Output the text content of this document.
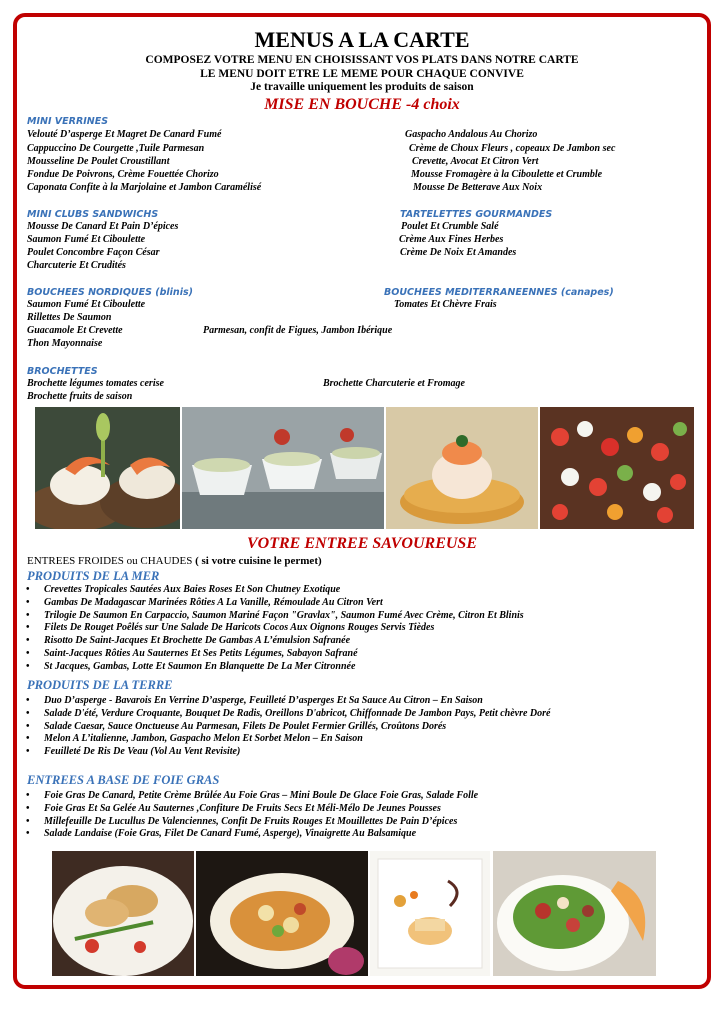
MENUS A LA CARTE
COMPOSEZ VOTRE MENU EN CHOISISSANT VOS PLATS DANS NOTRE CARTE
LE MENU DOIT ETRE LE MEME POUR CHAQUE CONVIVE
Je travaille uniquement les produits de saison
MISE EN BOUCHE -4 choix
MINI VERRINES
Velouté D’asperge Et Magret De Canard Fumé
Cappuccino De Courgette ,Tuile Parmesan
Mousseline De Poulet Croustillant
Fondue De Poivrons, Crème Fouettée Chorizo
Caponata Confite à la Marjolaine et Jambon Caramélisé
Gaspacho Andalous Au Chorizo
Crème de Choux Fleurs , copeaux De Jambon sec
Crevette, Avocat Et Citron Vert
Mousse Fromagère à la Ciboulette et Crumble
Mousse De Betterave Aux Noix
MINI CLUBS SANDWICHS
Mousse De Canard Et Pain D’épices
Saumon Fumé Et Ciboulette
Poulet Concombre Façon César
Charcuterie Et Crudités
TARTELETTES GOURMANDES
Poulet Et Crumble Salé
Crème Aux Fines Herbes
Crème De Noix Et Amandes
BOUCHEES NORDIQUES (blinis)
Saumon Fumé Et Ciboulette
Rillettes De Saumon
Guacamole Et Crevette
Thon Mayonnaise
BOUCHEES MEDITERRANEENNES (canapes)
Tomates Et Chèvre Frais
Parmesan, confit de Figues, Jambon Ibérique
BROCHETTES
Brochette légumes tomates cerise	Brochette Charcuterie et Fromage
Brochette fruits de saison
VOTRE ENTREE SAVOUREUSE
ENTREES FROIDES ou CHAUDES ( si votre cuisine le permet)
PRODUITS DE LA MER
• Crevettes Tropicales Sautées Aux Baies Roses Et Son Chutney Exotique
• Gambas De Madagascar Marinées Rôties A La Vanille, Rémoulade Au Citron Vert
• Trilogie De Saumon En Carpaccio, Saumon Mariné Façon "Gravlax", Saumon Fumé Avec Crème, Citron Et Blinis
• Filets De Rouget Poêlés sur Une Salade De Haricots Cocos Aux Oignons Rouges Servis Tièdes
• Risotto De Saint-Jacques Et Brochette De Gambas A L’émulsion Safranée
• Saint-Jacques Rôties Au Sauternes Et Ses Petits Légumes, Sabayon Safrané
• St Jacques, Gambas, Lotte Et Saumon En Blanquette De La Mer Citronnée
PRODUITS DE LA TERRE
• Duo D’asperge - Bavarois En Verrine D’asperge, Feuilleté D’asperges Et Sa Sauce Au Citron – En Saison
• Salade D'été, Verdure Croquante, Bouquet De Radis, Oreillons D'abricot, Chiffonnade De Jambon Pays, Petit chèvre Doré
• Salade Caesar, Sauce Onctueuse Au Parmesan, Filets De Poulet Fermier Grillés, Croûtons Dorés
• Melon A L’italienne, Jambon, Gaspacho Melon Et Sorbet Melon – En Saison
• Feuilleté De Ris De Veau (Vol Au Vent Revisite)
ENTREES A BASE DE FOIE GRAS
• Foie Gras De Canard, Petite Crème Brûlée Au Foie Gras – Mini Boule De Glace Foie Gras, Salade Folle
• Foie Gras Et Sa Gelée Au Sauternes ,Confiture De Fruits Secs Et Méli-Mélo De Jeunes Pousses
• Millefeuille De Lucullus De Valenciennes, Confit De Fruits Rouges Et Mouillettes De Pain D’épices
• Salade Landaise (Foie Gras, Filet De Canard Fumé, Asperge), Vinaigrette Au Balsamique
